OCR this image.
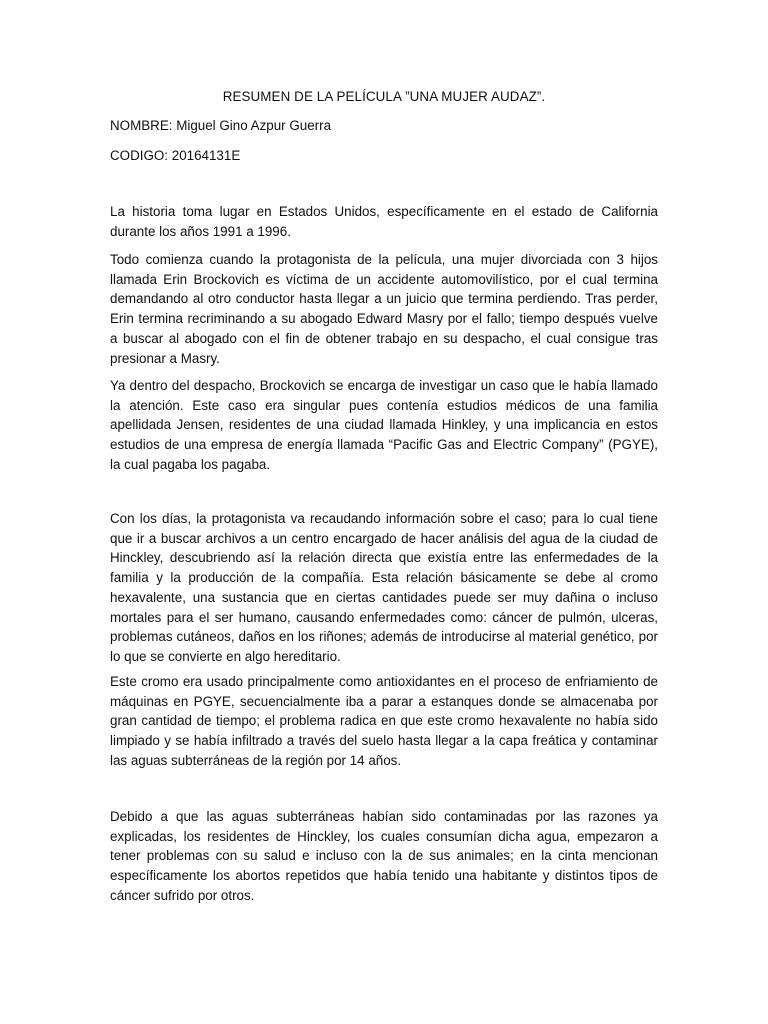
RESUMEN DE LA PELÍCULA ”UNA MUJER AUDAZ”.
NOMBRE: Miguel Gino Azpur Guerra
CODIGO: 20164131E

La historia toma lugar en Estados Unidos, específicamente en el estado de California durante los años 1991 a 1996.

Todo comienza cuando la protagonista de la película, una mujer divorciada con 3 hijos llamada Erin Brockovich es víctima de un accidente automovilístico, por el cual termina demandando al otro conductor hasta llegar a un juicio que termina perdiendo. Tras perder, Erin termina recriminando a su abogado Edward Masry por el fallo; tiempo después vuelve a buscar al abogado con el fin de obtener trabajo en su despacho, el cual consigue tras presionar a Masry.

Ya dentro del despacho, Brockovich se encarga de investigar un caso que le había llamado la atención. Este caso era singular pues contenía estudios médicos de una familia apellidada Jensen, residentes de una ciudad llamada Hinkley, y una implicancia en estos estudios de una empresa de energía llamada “Pacific Gas and Electric Company” (PGYE), la cual pagaba los pagaba.

Con los días, la protagonista va recaudando información sobre el caso; para lo cual tiene que ir a buscar archivos a un centro encargado de hacer análisis del agua de la ciudad de Hinckley, descubriendo así la relación directa que existía entre las enfermedades de la familia y la producción de la compañía. Esta relación básicamente se debe al cromo hexavalente, una sustancia que en ciertas cantidades puede ser muy dañina o incluso mortales para el ser humano, causando enfermedades como: cáncer de pulmón, ulceras, problemas cutáneos, daños en los riñones; además de introducirse al material genético, por lo que se convierte en algo hereditario.

Este cromo era usado principalmente como antioxidantes en el proceso de enfriamiento de máquinas en PGYE, secuencialmente iba a parar a estanques donde se almacenaba por gran cantidad de tiempo; el problema radica en que este cromo hexavalente no había sido limpiado y se había infiltrado a través del suelo hasta llegar a la capa freática y contaminar las aguas subterráneas de la región por 14 años.

Debido a que las aguas subterráneas habían sido contaminadas por las razones ya explicadas, los residentes de Hinckley, los cuales consumían dicha agua, empezaron a tener problemas con su salud e incluso con la de sus animales; en la cinta mencionan específicamente los abortos repetidos que había tenido una habitante y distintos tipos de cáncer sufrido por otros.
